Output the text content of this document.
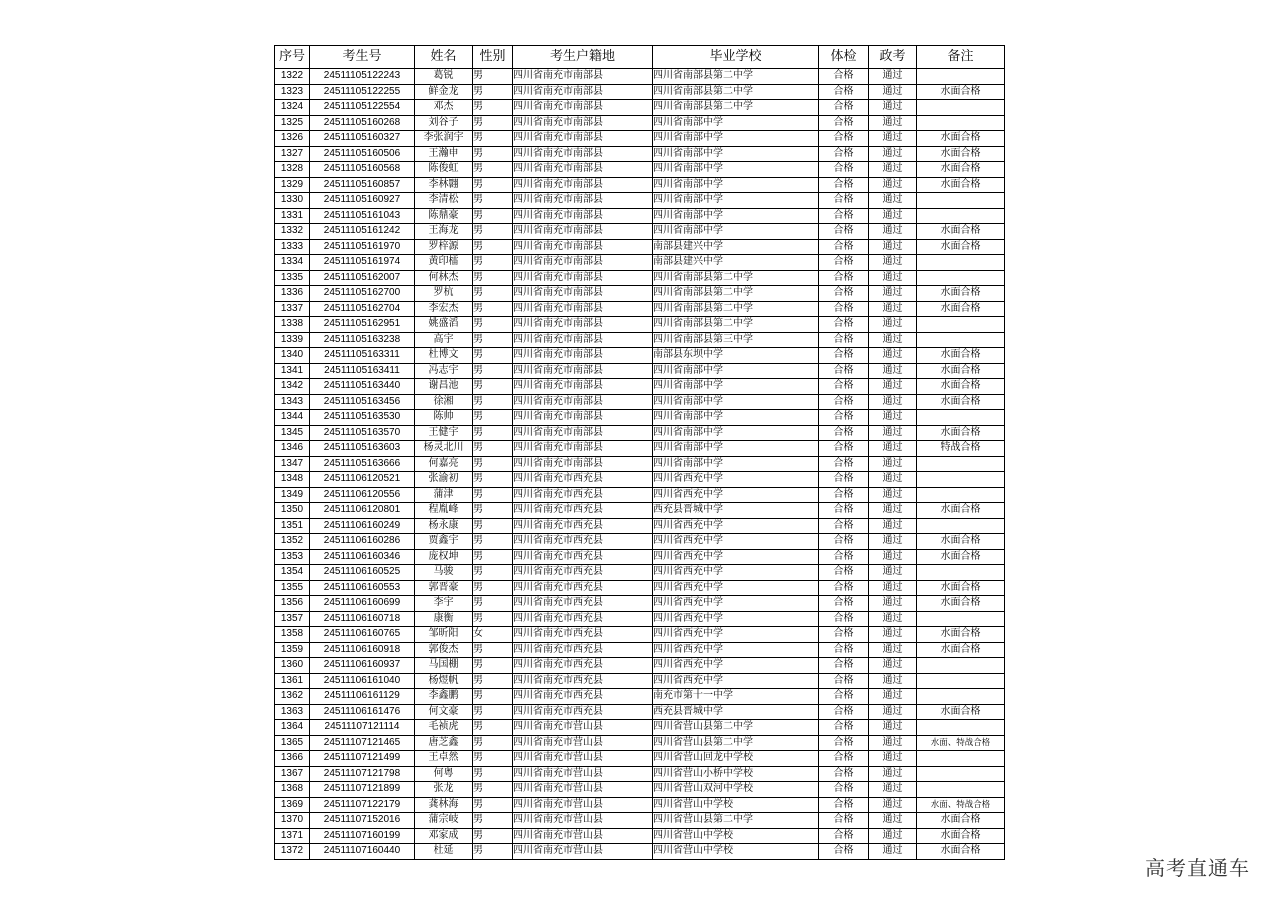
序号	考生号	姓名	性别	考生户籍地	毕业学校	体检	政考	备注
1322	24511105122243	葛锐	男	四川省南充市南部县	四川省南部县第二中学	合格	通过	
1323	24511105122255	鲜金龙	男	四川省南充市南部县	四川省南部县第二中学	合格	通过	水面合格
1324	24511105122554	邓杰	男	四川省南充市南部县	四川省南部县第二中学	合格	通过	
1325	24511105160268	刘谷子	男	四川省南充市南部县	四川省南部中学	合格	通过	
1326	24511105160327	李张润宇	男	四川省南充市南部县	四川省南部中学	合格	通过	水面合格
1327	24511105160506	王瀚申	男	四川省南充市南部县	四川省南部中学	合格	通过	水面合格
1328	24511105160568	陈俊虹	男	四川省南充市南部县	四川省南部中学	合格	通过	水面合格
1329	24511105160857	李林翾	男	四川省南充市南部县	四川省南部中学	合格	通过	水面合格
1330	24511105160927	李清松	男	四川省南充市南部县	四川省南部中学	合格	通过	
1331	24511105161043	陈鼎豪	男	四川省南充市南部县	四川省南部中学	合格	通过	
1332	24511105161242	王海龙	男	四川省南充市南部县	四川省南部中学	合格	通过	水面合格
1333	24511105161970	罗梓源	男	四川省南充市南部县	南部县建兴中学	合格	通过	水面合格
1334	24511105161974	黄印檑	男	四川省南充市南部县	南部县建兴中学	合格	通过	
1335	24511105162007	何林杰	男	四川省南充市南部县	四川省南部县第二中学	合格	通过	
1336	24511105162700	罗杭	男	四川省南充市南部县	四川省南部县第二中学	合格	通过	水面合格
1337	24511105162704	李宏杰	男	四川省南充市南部县	四川省南部县第二中学	合格	通过	水面合格
1338	24511105162951	姚盛滔	男	四川省南充市南部县	四川省南部县第二中学	合格	通过	
1339	24511105163238	高宇	男	四川省南充市南部县	四川省南部县第三中学	合格	通过	
1340	24511105163311	杜博文	男	四川省南充市南部县	南部县东坝中学	合格	通过	水面合格
1341	24511105163411	冯志宇	男	四川省南充市南部县	四川省南部中学	合格	通过	水面合格
1342	24511105163440	谢昌池	男	四川省南充市南部县	四川省南部中学	合格	通过	水面合格
1343	24511105163456	徐湘	男	四川省南充市南部县	四川省南部中学	合格	通过	水面合格
1344	24511105163530	陈帅	男	四川省南充市南部县	四川省南部中学	合格	通过	
1345	24511105163570	王健宇	男	四川省南充市南部县	四川省南部中学	合格	通过	水面合格
1346	24511105163603	杨灵北川	男	四川省南充市南部县	四川省南部中学	合格	通过	特战合格
1347	24511105163666	何嘉亮	男	四川省南充市南部县	四川省南部中学	合格	通过	
1348	24511106120521	张渝初	男	四川省南充市西充县	四川省西充中学	合格	通过	
1349	24511106120556	蒲津	男	四川省南充市西充县	四川省西充中学	合格	通过	
1350	24511106120801	程胤峰	男	四川省南充市西充县	西充县晋城中学	合格	通过	水面合格
1351	24511106160249	杨永康	男	四川省南充市西充县	四川省西充中学	合格	通过	
1352	24511106160286	贾鑫宇	男	四川省南充市西充县	四川省西充中学	合格	通过	水面合格
1353	24511106160346	庞权坤	男	四川省南充市西充县	四川省西充中学	合格	通过	水面合格
1354	24511106160525	马骏	男	四川省南充市西充县	四川省西充中学	合格	通过	
1355	24511106160553	郭晋豪	男	四川省南充市西充县	四川省西充中学	合格	通过	水面合格
1356	24511106160699	李宇	男	四川省南充市西充县	四川省西充中学	合格	通过	水面合格
1357	24511106160718	康衡	男	四川省南充市西充县	四川省西充中学	合格	通过	
1358	24511106160765	邹昕阳	女	四川省南充市西充县	四川省西充中学	合格	通过	水面合格
1359	24511106160918	郭俊杰	男	四川省南充市西充县	四川省西充中学	合格	通过	水面合格
1360	24511106160937	马国棚	男	四川省南充市西充县	四川省西充中学	合格	通过	
1361	24511106161040	杨煜帆	男	四川省南充市西充县	四川省西充中学	合格	通过	
1362	24511106161129	李鑫鹏	男	四川省南充市西充县	南充市第十一中学	合格	通过	
1363	24511106161476	何文豪	男	四川省南充市西充县	西充县晋城中学	合格	通过	水面合格
1364	24511107121114	毛祯虎	男	四川省南充市营山县	四川省营山县第二中学	合格	通过	
1365	24511107121465	唐芝鑫	男	四川省南充市营山县	四川省营山县第二中学	合格	通过	水面、特战合格
1366	24511107121499	王卓然	男	四川省南充市营山县	四川省营山回龙中学校	合格	通过	
1367	24511107121798	何粤	男	四川省南充市营山县	四川省营山小桥中学校	合格	通过	
1368	24511107121899	张龙	男	四川省南充市营山县	四川省营山双河中学校	合格	通过	
1369	24511107122179	龚林海	男	四川省南充市营山县	四川省营山中学校	合格	通过	水面、特战合格
1370	24511107152016	蒲宗岐	男	四川省南充市营山县	四川省营山县第二中学	合格	通过	水面合格
1371	24511107160199	邓家成	男	四川省南充市营山县	四川省营山中学校	合格	通过	水面合格
1372	24511107160440	杜延	男	四川省南充市营山县	四川省营山中学校	合格	通过	水面合格
高考直通车
